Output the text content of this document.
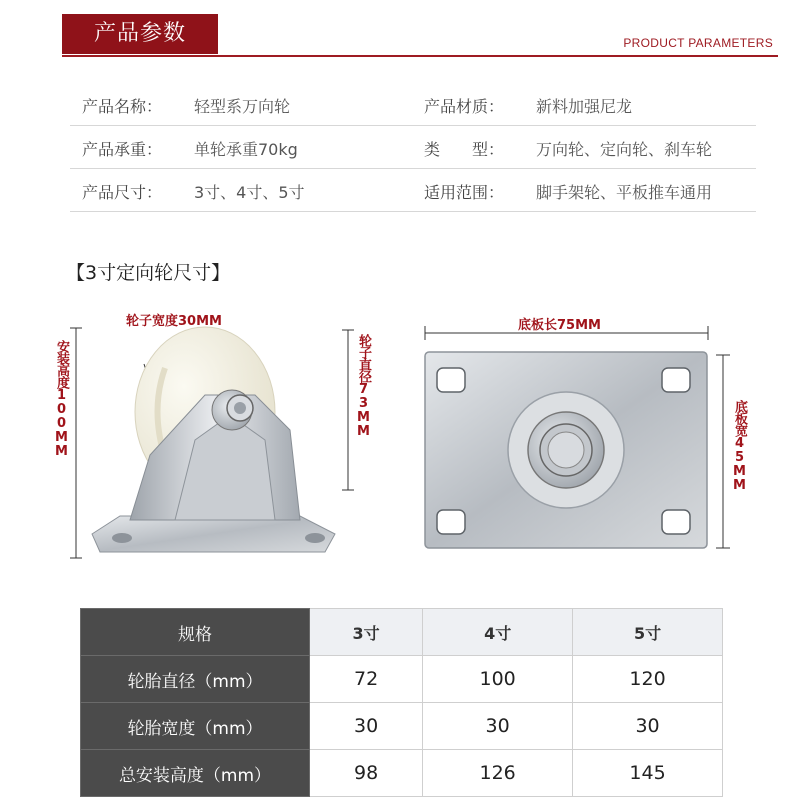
产品参数	PRODUCT PARAMETERS
产品名称： 轻型系万向轮	产品材质： 新料加强尼龙
产品承重： 单轮承重70kg	类　　型： 万向轮、定向轮、刹车轮
产品尺寸： 3寸、4寸、5寸	适用范围： 脚手架轮、平板推车通用
【3寸定向轮尺寸】
轮子宽度30MM
安装高度100MM	轮子直径73MM
底板长75MM
底板宽45MM
规格	3寸	4寸	5寸
轮胎直径（mm）	72	100	120
轮胎宽度（mm）	30	30	30
总安装高度（mm）	98	126	145
